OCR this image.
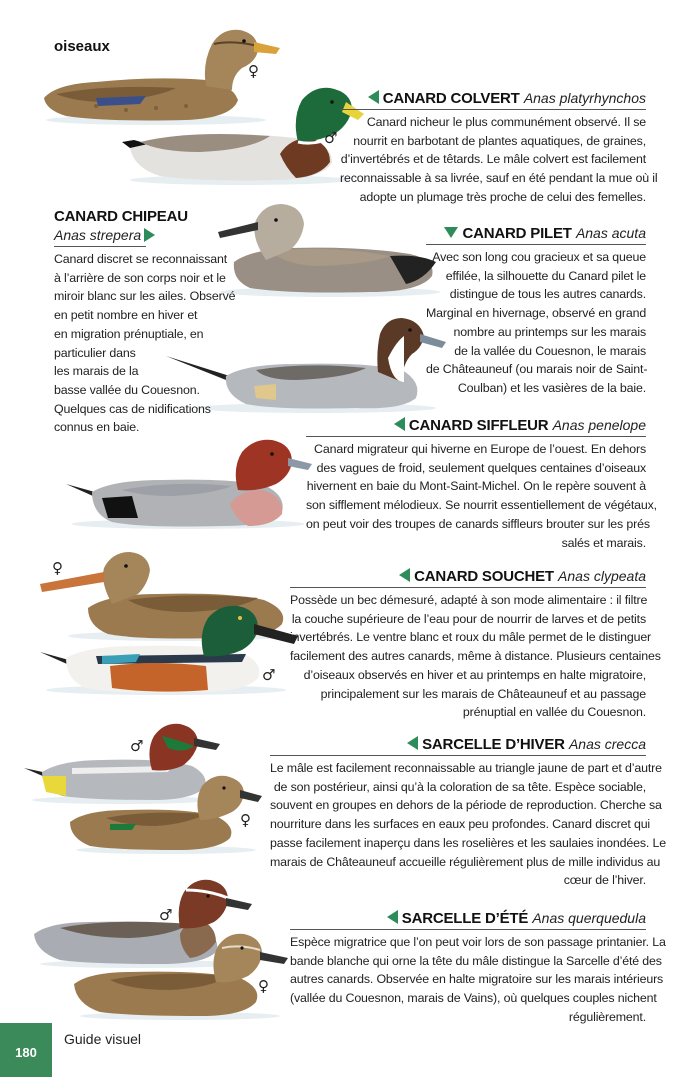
oiseaux
♀
♂
♀
♂
♂
♀
♂
♀
CANARD COLVERT Anas platyrhynchos
Canard nicheur le plus communément observé. Il se
nourrit en barbotant de plantes aquatiques, de graines,
d’invertébrés et de têtards. Le mâle colvert est facilement
reconnaissable à sa livrée, sauf en été pendant la mue où il
adopte un plumage très proche de celui des femelles.
CANARD CHIPEAU
Anas strepera
Canard discret se reconnaissant
à l’arrière de son corps noir et le
miroir blanc sur les ailes. Observé
en petit nombre en hiver et
en migration prénuptiale, en
particulier dans
les marais de la
basse vallée du Couesnon.
Quelques cas de nidifications
connus en baie.
CANARD PILET Anas acuta
Avec son long cou gracieux et sa queue
effilée, la silhouette du Canard pilet le
distingue de tous les autres canards.
Marginal en hivernage, observé en grand
nombre au printemps sur les marais
de la vallée du Couesnon, le marais
de Châteauneuf (ou marais noir de Saint-
Coulban) et les vasières de la baie.
CANARD SIFFLEUR Anas penelope
Canard migrateur qui hiverne en Europe de l’ouest. En dehors
des vagues de froid, seulement quelques centaines d’oiseaux
hivernent en baie du Mont-Saint-Michel. On le repère souvent à
son sifflement mélodieux. Se nourrit essentiellement de végétaux,
on peut voir des troupes de canards siffleurs brouter sur les prés
salés et marais.
CANARD SOUCHET Anas clypeata
Possède un bec démesuré, adapté à son mode alimentaire : il filtre
la couche supérieure de l’eau pour de nourrir de larves et de petits
invertébrés. Le ventre blanc et roux du mâle permet de le distinguer
facilement des autres canards, même à distance. Plusieurs centaines
d’oiseaux observés en hiver et au printemps en halte migratoire,
principalement sur les marais de Châteauneuf et au passage
prénuptial en vallée du Couesnon.
SARCELLE D’HIVER Anas crecca
Le mâle est facilement reconnaissable au triangle jaune de part et d’autre
de son postérieur, ainsi qu’à la coloration de sa tête. Espèce sociable,
souvent en groupes en dehors de la période de reproduction. Cherche sa
nourriture dans les surfaces en eaux peu profondes. Canard discret qui
passe facilement inaperçu dans les roselières et les saulaies inondées. Le
marais de Châteauneuf accueille régulièrement plus de mille individus au
cœur de l’hiver.
SARCELLE D’ÉTÉ Anas querquedula
Espèce migratrice que l’on peut voir lors de son passage printanier. La
bande blanche qui orne la tête du mâle distingue la Sarcelle d’été des
autres canards. Observée en halte migratoire sur les marais intérieurs
(vallée du Couesnon, marais de Vains), où quelques couples nichent
régulièrement.
180
Guide visuel
